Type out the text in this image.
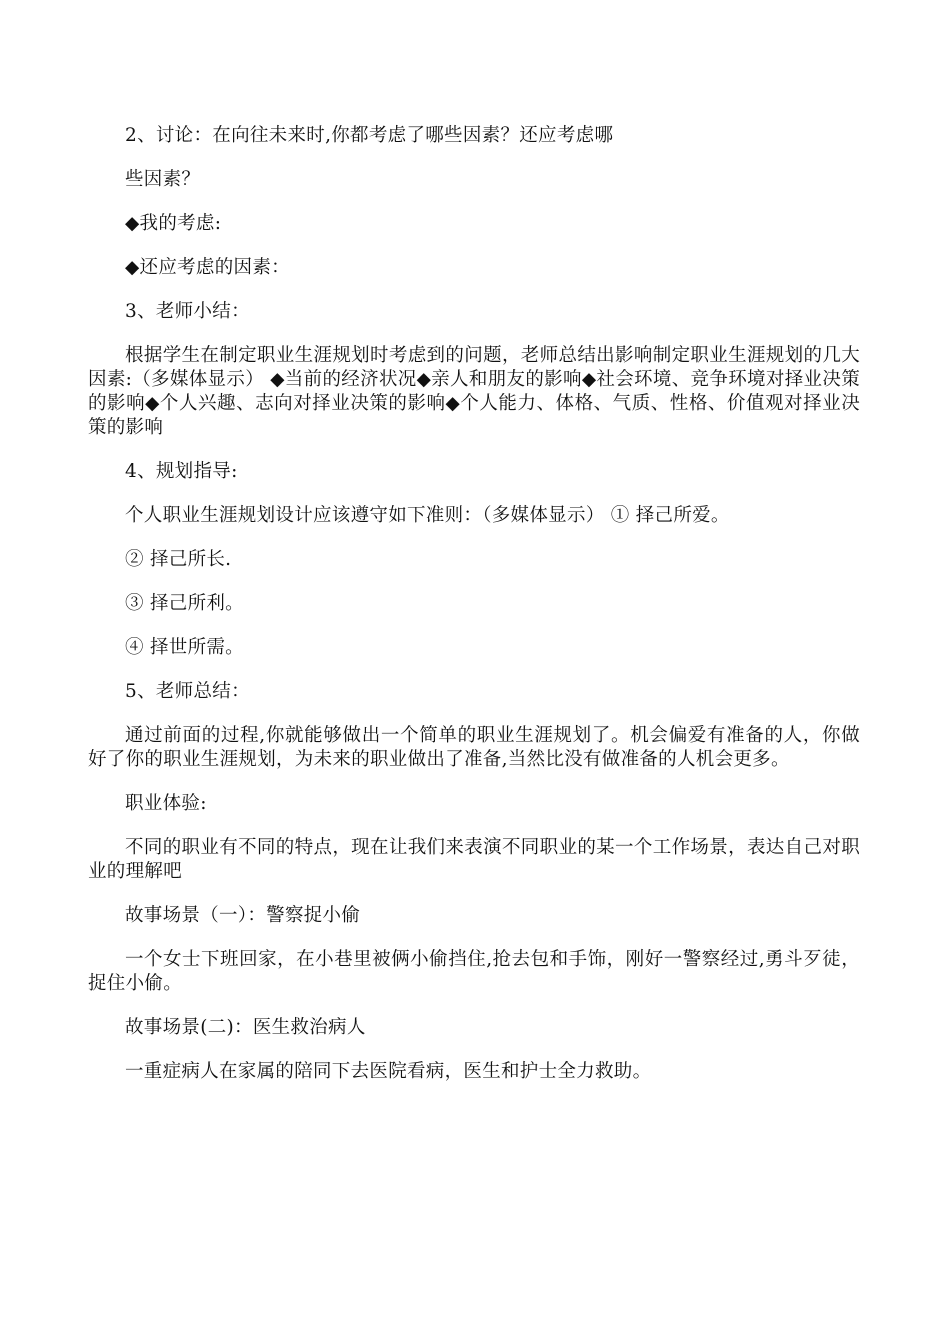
2、讨论：在向往未来时,你都考虑了哪些因素？还应考虑哪

些因素？

◆我的考虑:

◆还应考虑的因素：

3、老师小结：

根据学生在制定职业生涯规划时考虑到的问题，老师总结出影响制定职业生涯规划的几大因素:（多媒体显示） ◆当前的经济状况◆亲人和朋友的影响◆社会环境、竞争环境对择业决策的影响◆个人兴趣、志向对择业决策的影响◆个人能力、体格、气质、性格、价值观对择业决策的影响

4、规划指导:

个人职业生涯规划设计应该遵守如下准则：（多媒体显示） ① 择己所爱。

② 择己所长.

③ 择己所利。

④ 择世所需。

5、老师总结：

通过前面的过程,你就能够做出一个简单的职业生涯规划了。机会偏爱有准备的人，你做好了你的职业生涯规划，为未来的职业做出了准备,当然比没有做准备的人机会更多。

职业体验:

不同的职业有不同的特点，现在让我们来表演不同职业的某一个工作场景，表达自己对职业的理解吧

故事场景（一）：警察捉小偷

一个女士下班回家，在小巷里被俩小偷挡住,抢去包和手饰，刚好一警察经过,勇斗歹徒，捉住小偷。

故事场景(二)：医生救治病人

一重症病人在家属的陪同下去医院看病，医生和护士全力救助。
